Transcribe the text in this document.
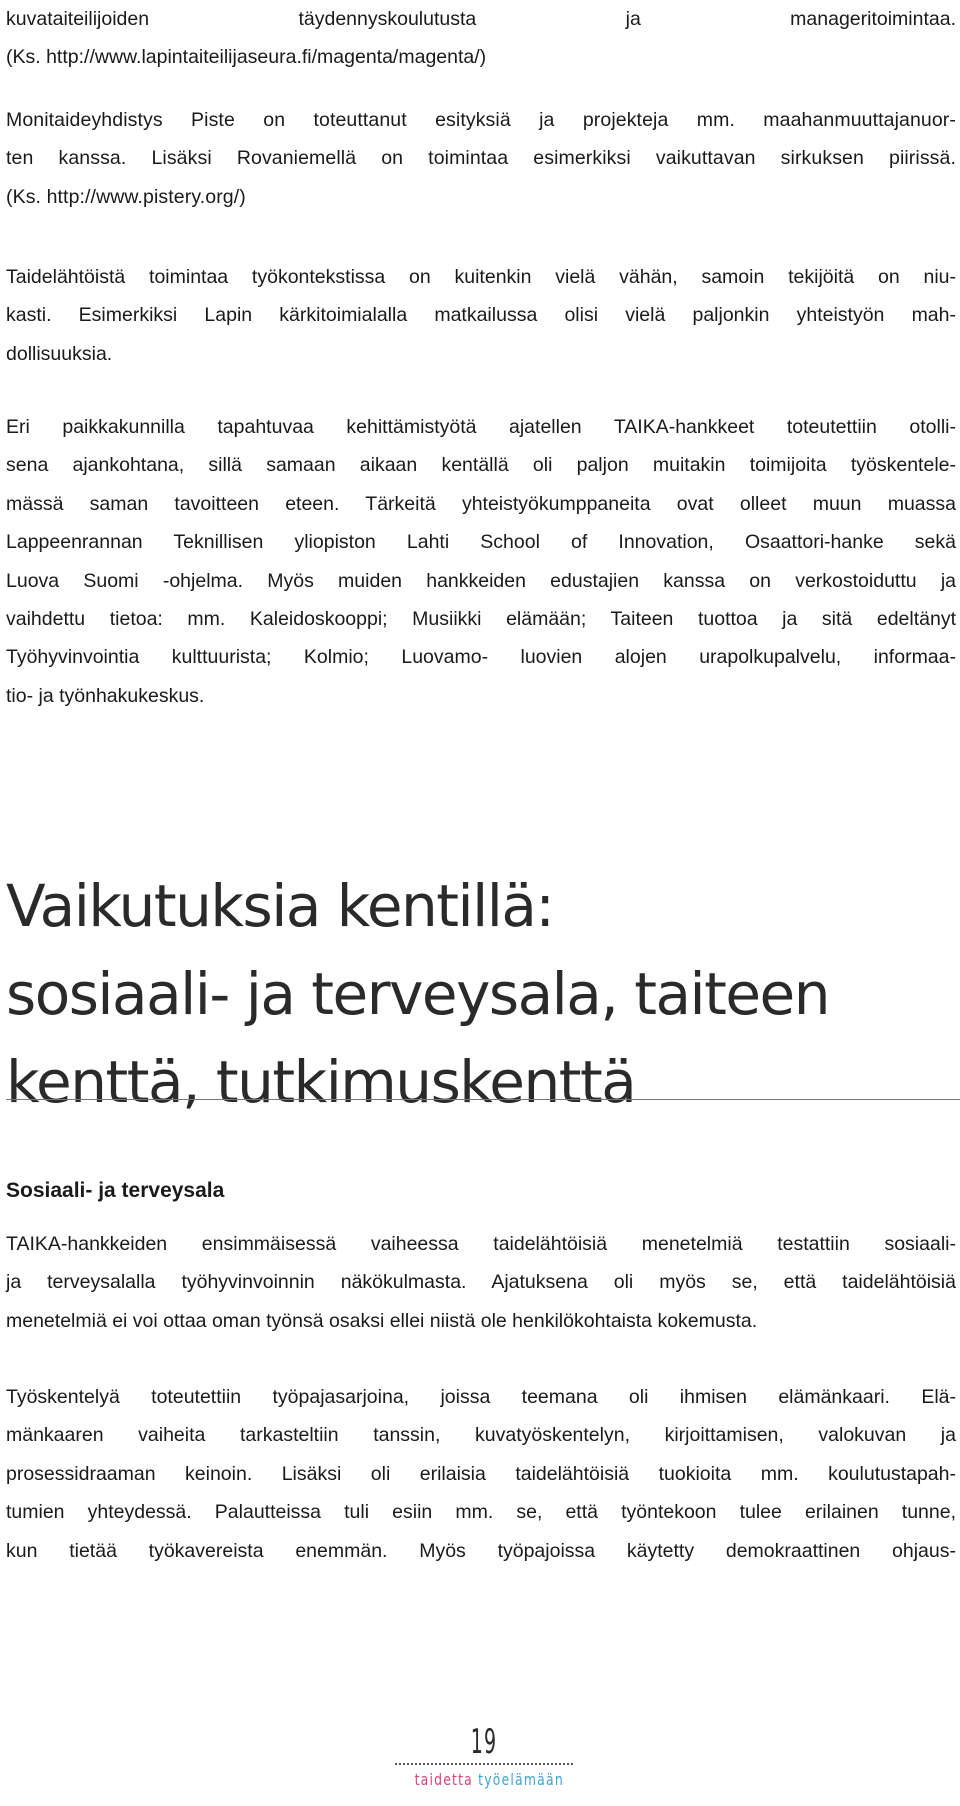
kuvataiteilijoiden täydennyskoulutusta ja manageritoimintaa.
(Ks. http://www.lapintaiteilijaseura.fi/magenta/magenta/)

Monitaideyhdistys Piste on toteuttanut esityksiä ja projekteja mm. maahanmuuttajanuor-
ten kanssa. Lisäksi Rovaniemellä on toimintaa esimerkiksi vaikuttavan sirkuksen piirissä.
(Ks. http://www.pistery.org/)

Taidelähtöistä toimintaa työkontekstissa on kuitenkin vielä vähän, samoin tekijöitä on niu-
kasti. Esimerkiksi Lapin kärkitoimialalla matkailussa olisi vielä paljonkin yhteistyön mah-
dollisuuksia.

Eri paikkakunnilla tapahtuvaa kehittämistyötä ajatellen TAIKA-hankkeet toteutettiin otolli-
sena ajankohtana, sillä samaan aikaan kentällä oli paljon muitakin toimijoita työskentele-
mässä saman tavoitteen eteen. Tärkeitä yhteistyökumppaneita ovat olleet muun muassa
Lappeenrannan Teknillisen yliopiston Lahti School of Innovation, Osaattori-hanke sekä
Luova Suomi -ohjelma. Myös muiden hankkeiden edustajien kanssa on verkostoiduttu ja
vaihdettu tietoa: mm. Kaleidoskooppi; Musiikki elämään; Taiteen tuottoa ja sitä edeltänyt
Työhyvinvointia kulttuurista; Kolmio; Luovamo- luovien alojen urapolkupalvelu, informaa-
tio- ja työnhakukeskus.

Vaikutuksia kentillä:
sosiaali- ja terveysala, taiteen
kenttä, tutkimuskenttä
Sosiaali- ja terveysala

TAIKA-hankkeiden ensimmäisessä vaiheessa taidelähtöisiä menetelmiä testattiin sosiaali-
ja terveysalalla työhyvinvoinnin näkökulmasta. Ajatuksena oli myös se, että taidelähtöisiä
menetelmiä ei voi ottaa oman työnsä osaksi ellei niistä ole henkilökohtaista kokemusta.

Työskentelyä toteutettiin työpajasarjoina, joissa teemana oli ihmisen elämänkaari. Elä-
mänkaaren vaiheita tarkasteltiin tanssin, kuvatyöskentelyn, kirjoittamisen, valokuvan ja
prosessidraaman keinoin. Lisäksi oli erilaisia taidelähtöisiä tuokioita mm. koulutustapah-
tumien yhteydessä. Palautteissa tuli esiin mm. se, että työntekoon tulee erilainen tunne,
kun tietää työkavereista enemmän. Myös työpajoissa käytetty demokraattinen ohjaus-

19
taidetta työelämään
